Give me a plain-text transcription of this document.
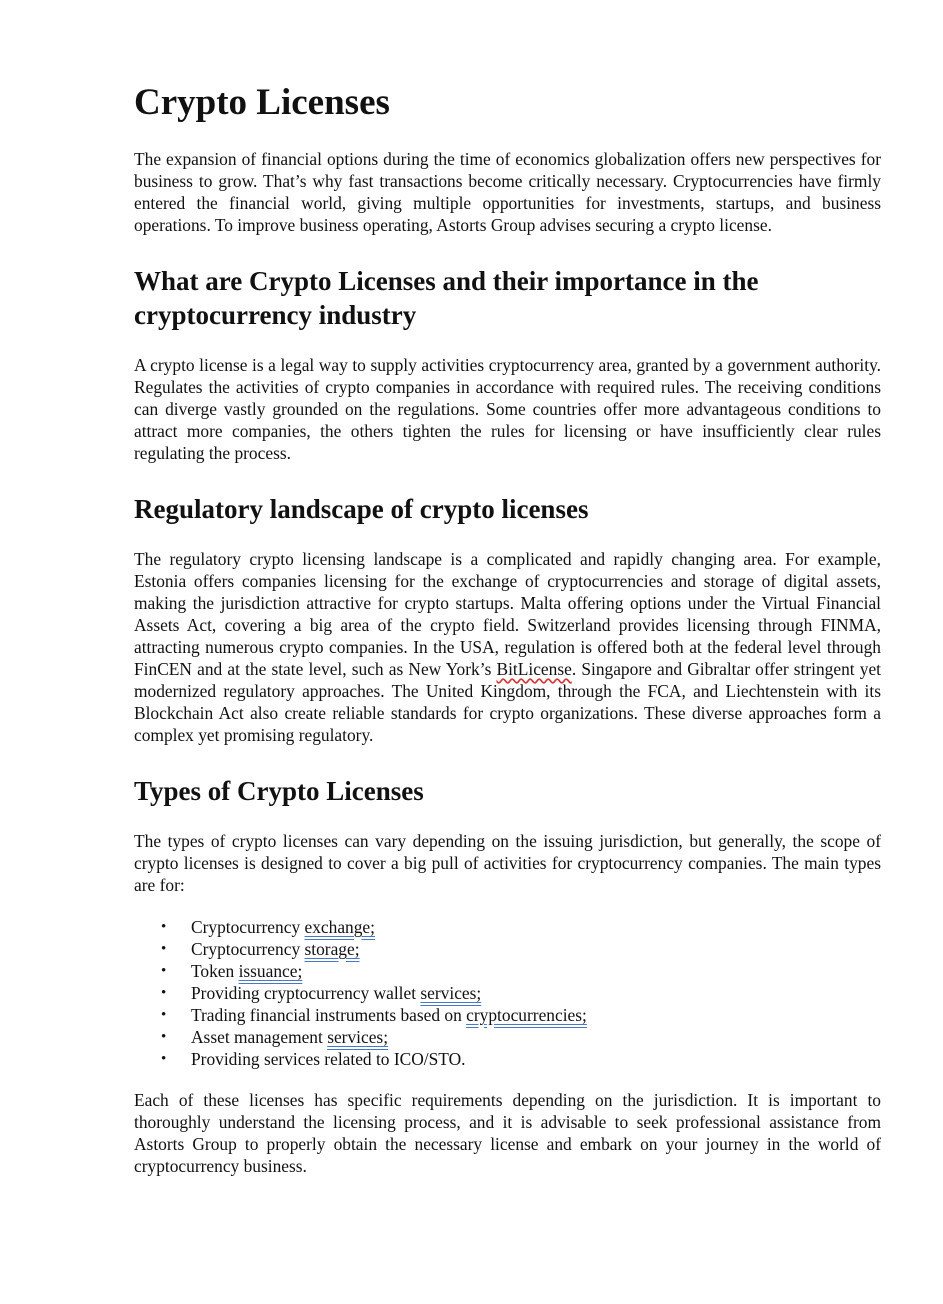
Crypto Licenses

The expansion of financial options during the time of economics globalization offers new perspectives for business to grow. That’s why fast transactions become critically necessary. Cryptocurrencies have firmly entered the financial world, giving multiple opportunities for investments, startups, and business operations. To improve business operating, Astorts Group advises securing a crypto license.

What are Crypto Licenses and their importance in the cryptocurrency industry

A crypto license is a legal way to supply activities cryptocurrency area, granted by a government authority. Regulates the activities of crypto companies in accordance with required rules. The receiving conditions can diverge vastly grounded on the regulations. Some countries offer more advantageous conditions to attract more companies, the others tighten the rules for licensing or have insufficiently clear rules regulating the process.

Regulatory landscape of crypto licenses

The regulatory crypto licensing landscape is a complicated and rapidly changing area. For example, Estonia offers companies licensing for the exchange of cryptocurrencies and storage of digital assets, making the jurisdiction attractive for crypto startups. Malta offering options under the Virtual Financial Assets Act, covering a big area of the crypto field. Switzerland provides licensing through FINMA, attracting numerous crypto companies. In the USA, regulation is offered both at the federal level through FinCEN and at the state level, such as New York’s BitLicense. Singapore and Gibraltar offer stringent yet modernized regulatory approaches. The United Kingdom, through the FCA, and Liechtenstein with its Blockchain Act also create reliable standards for crypto organizations. These diverse approaches form a complex yet promising regulatory.

Types of Crypto Licenses

The types of crypto licenses can vary depending on the issuing jurisdiction, but generally, the scope of crypto licenses is designed to cover a big pull of activities for cryptocurrency companies. The main types are for:

• Cryptocurrency exchange;
• Cryptocurrency storage;
• Token issuance;
• Providing cryptocurrency wallet services;
• Trading financial instruments based on cryptocurrencies;
• Asset management services;
• Providing services related to ICO/STO.

Each of these licenses has specific requirements depending on the jurisdiction. It is important to thoroughly understand the licensing process, and it is advisable to seek professional assistance from Astorts Group to properly obtain the necessary license and embark on your journey in the world of cryptocurrency business.
